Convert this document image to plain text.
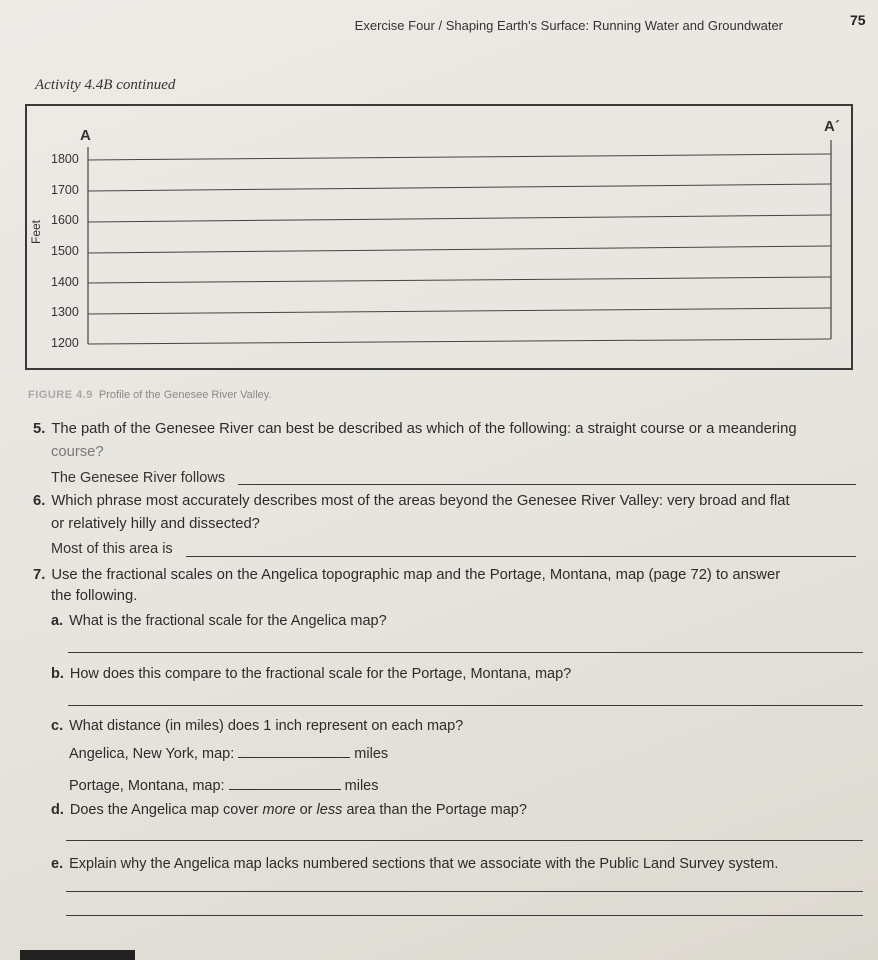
Exercise Four / Shaping Earth's Surface: Running Water and Groundwater	75
Activity 4.4B continued
A
A´
1800
1700
1600
1500
1400
1300
1200
Feet
FIGURE 4.9 Profile of the Genesee River Valley.
5. The path of the Genesee River can best be described as which of the following: a straight course or a meandering
course?
The Genesee River follows
6. Which phrase most accurately describes most of the areas beyond the Genesee River Valley: very broad and flat
or relatively hilly and dissected?
Most of this area is
7. Use the fractional scales on the Angelica topographic map and the Portage, Montana, map (page 72) to answer
the following.
a. What is the fractional scale for the Angelica map?
b. How does this compare to the fractional scale for the Portage, Montana, map?
c. What distance (in miles) does 1 inch represent on each map?
Angelica, New York, map:	miles
Portage, Montana, map:	miles
d. Does the Angelica map cover more or less area than the Portage map?
e. Explain why the Angelica map lacks numbered sections that we associate with the Public Land Survey system.
